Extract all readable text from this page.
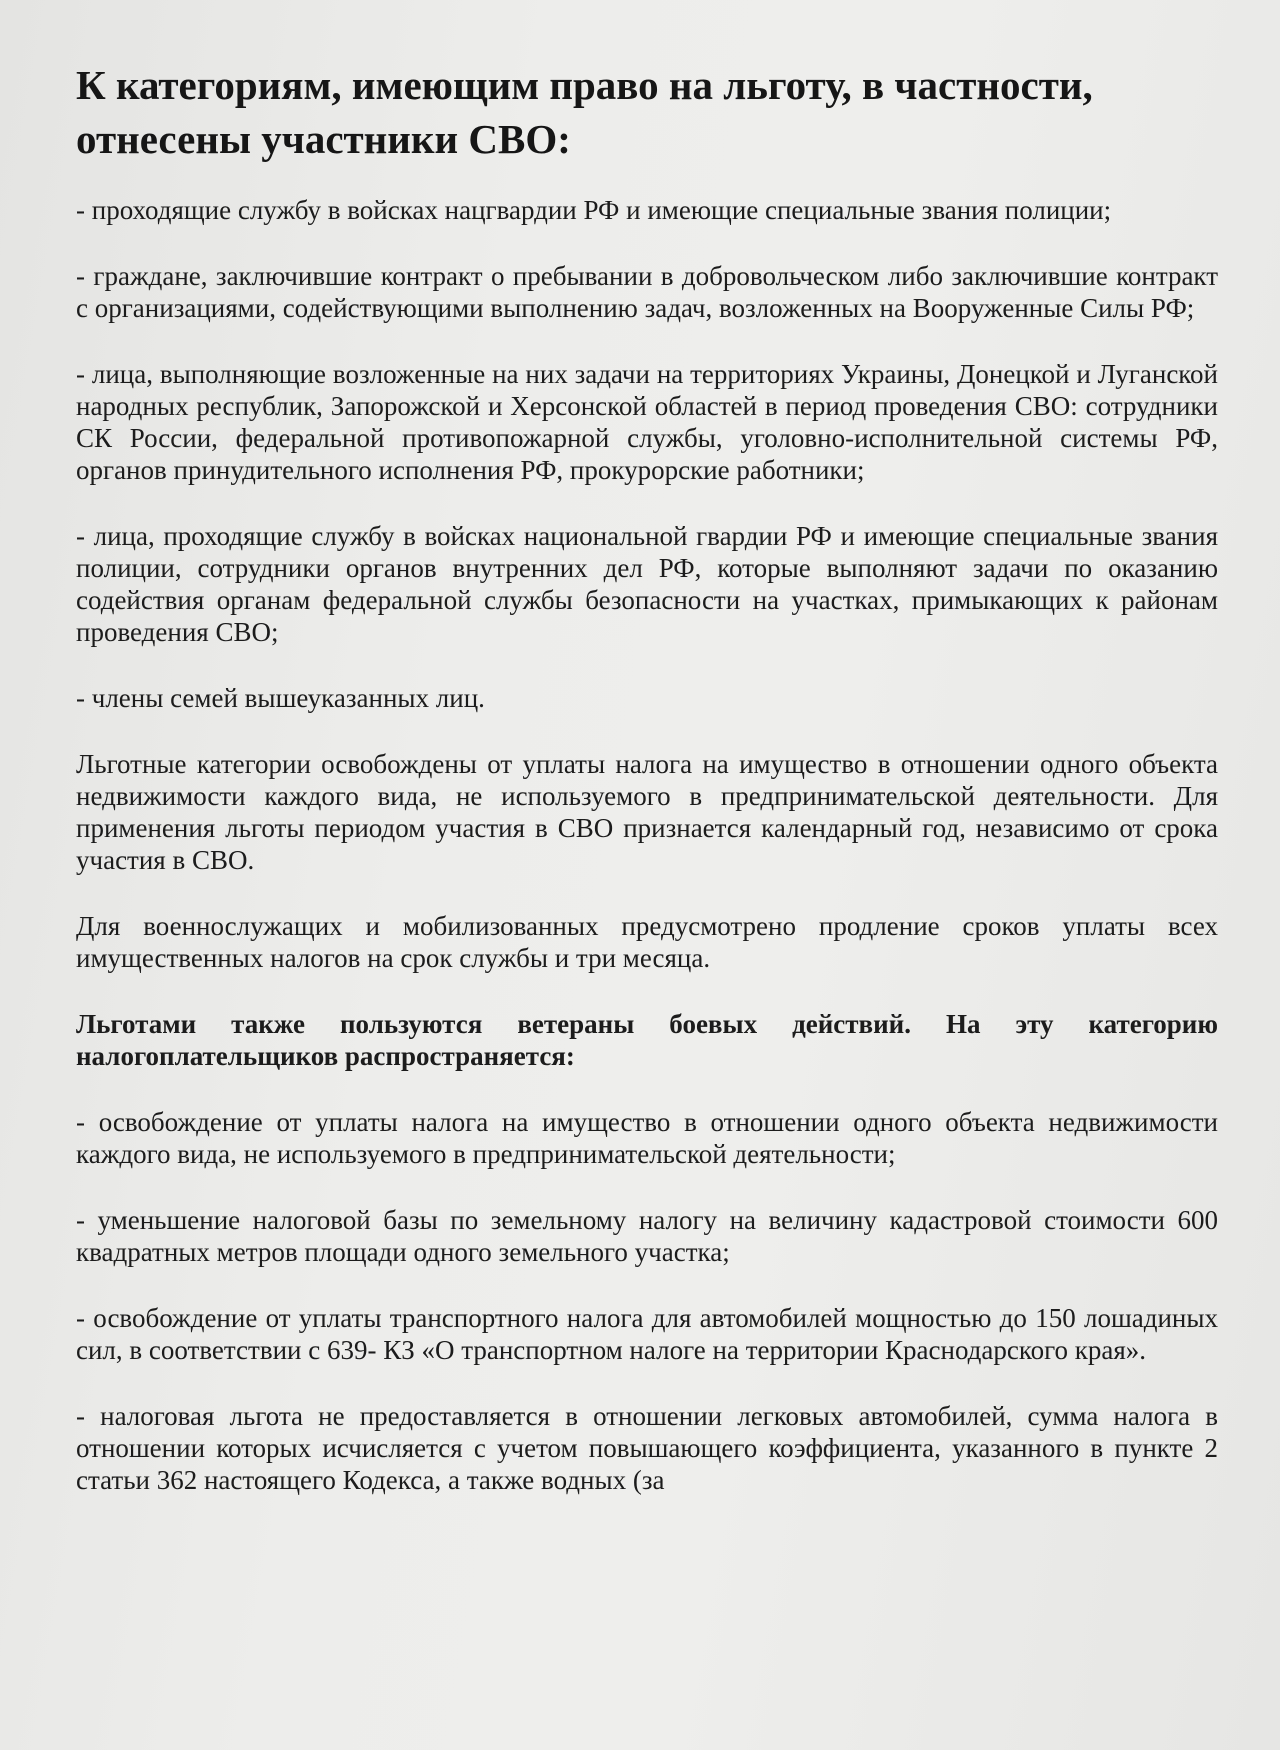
К категориям, имеющим право на льготу, в частности, отнесены участники СВО:

- проходящие службу в войсках нацгвардии РФ и имеющие специальные звания полиции;

- граждане, заключившие контракт о пребывании в добровольческом либо заключившие контракт с организациями, содействующими выполнению задач, возложенных на Вооруженные Силы РФ;

- лица, выполняющие возложенные на них задачи на территориях Украины, Донецкой и Луганской народных республик, Запорожской и Херсонской областей в период проведения СВО: сотрудники СК России, федеральной противопожарной службы, уголовно-исполнительной системы РФ, органов принудительного исполнения РФ, прокурорские работники;

- лица, проходящие службу в войсках национальной гвардии РФ и имеющие специальные звания полиции, сотрудники органов внутренних дел РФ, которые выполняют задачи по оказанию содействия органам федеральной службы безопасности на участках, примыкающих к районам проведения СВО;

- члены семей вышеуказанных лиц.

Льготные категории освобождены от уплаты налога на имущество в отношении одного объекта недвижимости каждого вида, не используемого в предпринимательской деятельности. Для применения льготы периодом участия в СВО признается календарный год, независимо от срока участия в СВО.

Для военнослужащих и мобилизованных предусмотрено продление сроков уплаты всех имущественных налогов на срок службы и три месяца.

Льготами также пользуются ветераны боевых действий. На эту категорию налогоплательщиков распространяется:

- освобождение от уплаты налога на имущество в отношении одного объекта недвижимости каждого вида, не используемого в предпринимательской деятельности;

- уменьшение налоговой базы по земельному налогу на величину кадастровой стоимости 600 квадратных метров площади одного земельного участка;

- освобождение от уплаты транспортного налога для автомобилей мощностью до 150 лошадиных сил, в соответствии с 639- КЗ «О транспортном налоге на территории Краснодарского края».

- налоговая льгота не предоставляется в отношении легковых автомобилей, сумма налога в отношении которых исчисляется с учетом повышающего коэффициента, указанного в пункте 2 статьи 362 настоящего Кодекса, а также водных (за
